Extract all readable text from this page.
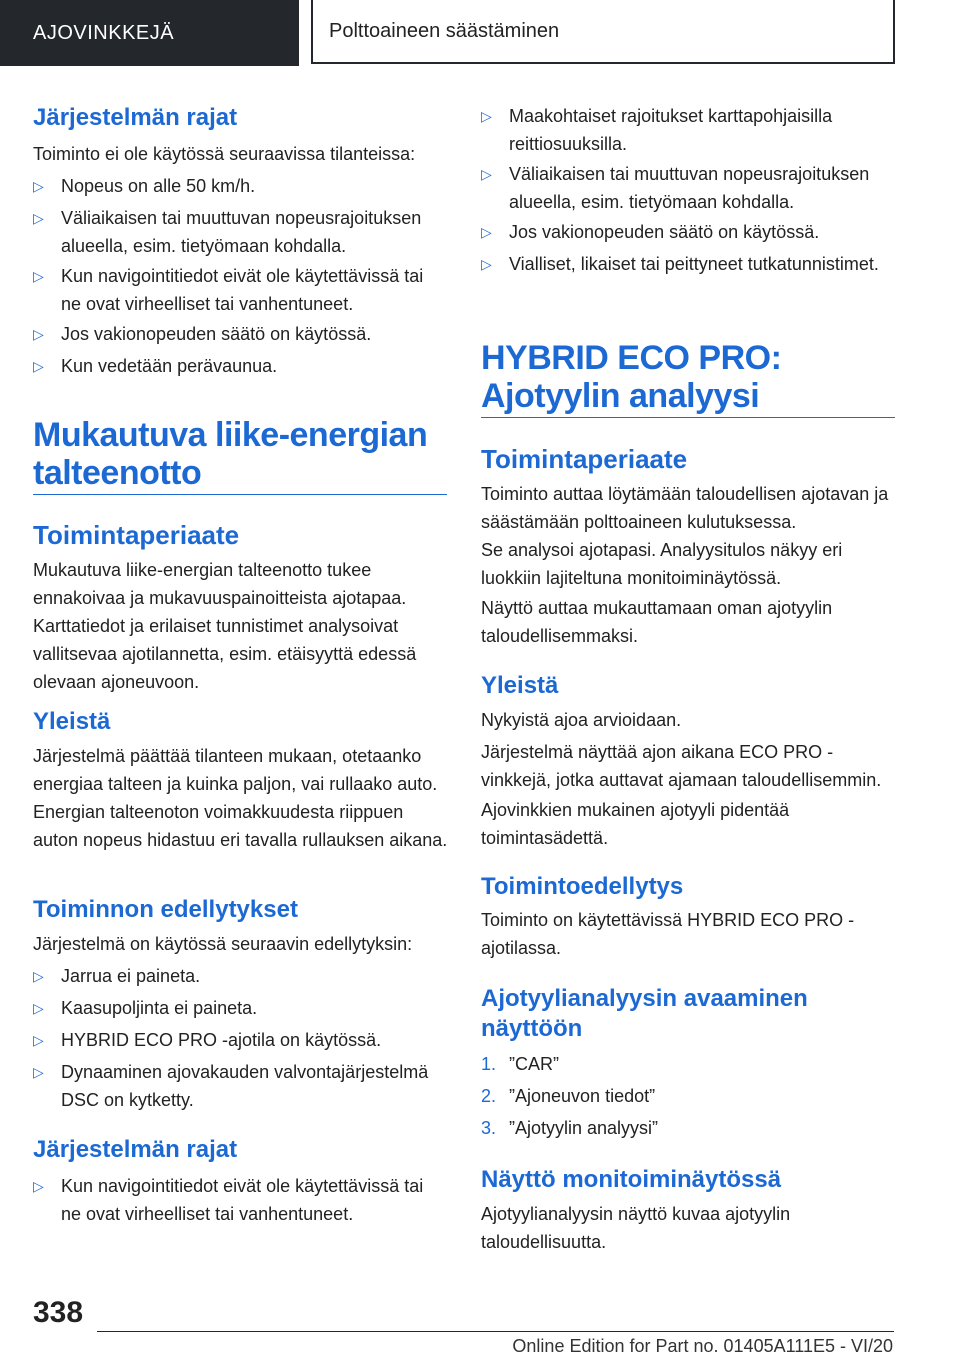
AJOVINKKEJÄ	Polttoaineen säästäminen
Järjestelmän rajat
Toiminto ei ole käytössä seuraavissa tilanteissa:
▷ Nopeus on alle 50 km/h.
▷ Väliaikaisen tai muuttuvan nopeusrajoituksen alueella, esim. tietyömaan kohdalla.
▷ Kun navigointitiedot eivät ole käytettävissä tai ne ovat virheelliset tai vanhentuneet.
▷ Jos vakionopeuden säätö on käytössä.
▷ Kun vedetään perävaunua.
Mukautuva liike-energian
talteenotto
Toimintaperiaate
Mukautuva liike-energian talteenotto tukee ennakoivaa ja mukavuuspainoitteista ajotapaa. Karttatiedot ja erilaiset tunnistimet analysoivat vallitsevaa ajotilannetta, esim. etäisyyttä edessä olevaan ajoneuvoon.
Yleistä
Järjestelmä päättää tilanteen mukaan, otetaanko energiaa talteen ja kuinka paljon, vai rullaako auto. Energian talteenoton voimakkuudesta riippuen auton nopeus hidastuu eri tavalla rullauksen aikana.
Toiminnon edellytykset
Järjestelmä on käytössä seuraavin edellytyksin:
▷ Jarrua ei paineta.
▷ Kaasupoljinta ei paineta.
▷ HYBRID ECO PRO -ajotila on käytössä.
▷ Dynaaminen ajovakauden valvontajärjestelmä DSC on kytketty.
Järjestelmän rajat
▷ Kun navigointitiedot eivät ole käytettävissä tai ne ovat virheelliset tai vanhentuneet.
▷ Maakohtaiset rajoitukset karttapohjaisilla reittiosuuksilla.
▷ Väliaikaisen tai muuttuvan nopeusrajoituksen alueella, esim. tietyömaan kohdalla.
▷ Jos vakionopeuden säätö on käytössä.
▷ Vialliset, likaiset tai peittyneet tutkatunnistimet.
HYBRID ECO PRO:
Ajotyylin analyysi
Toimintaperiaate
Toiminto auttaa löytämään taloudellisen ajotavan ja säästämään polttoaineen kulutuksessa.
Se analysoi ajotapasi. Analyysitulos näkyy eri luokkiin lajiteltuna monitoiminäytössä.
Näyttö auttaa mukauttamaan oman ajotyylin taloudellisemmaksi.
Yleistä
Nykyistä ajoa arvioidaan.
Järjestelmä näyttää ajon aikana ECO PRO -vinkkejä, jotka auttavat ajamaan taloudellisemmin.
Ajovinkkien mukainen ajotyyli pidentää toimintasädettä.
Toimintoedellytys
Toiminto on käytettävissä HYBRID ECO PRO -ajotilassa.
Ajotyylianalyysin avaaminen
näyttöön
1. ”CAR”
2. ”Ajoneuvon tiedot”
3. ”Ajotyylin analyysi”
Näyttö monitoiminäytössä
Ajotyylianalyysin näyttö kuvaa ajotyylin taloudellisuutta.
338
Online Edition for Part no. 01405A111E5 - VI/20
